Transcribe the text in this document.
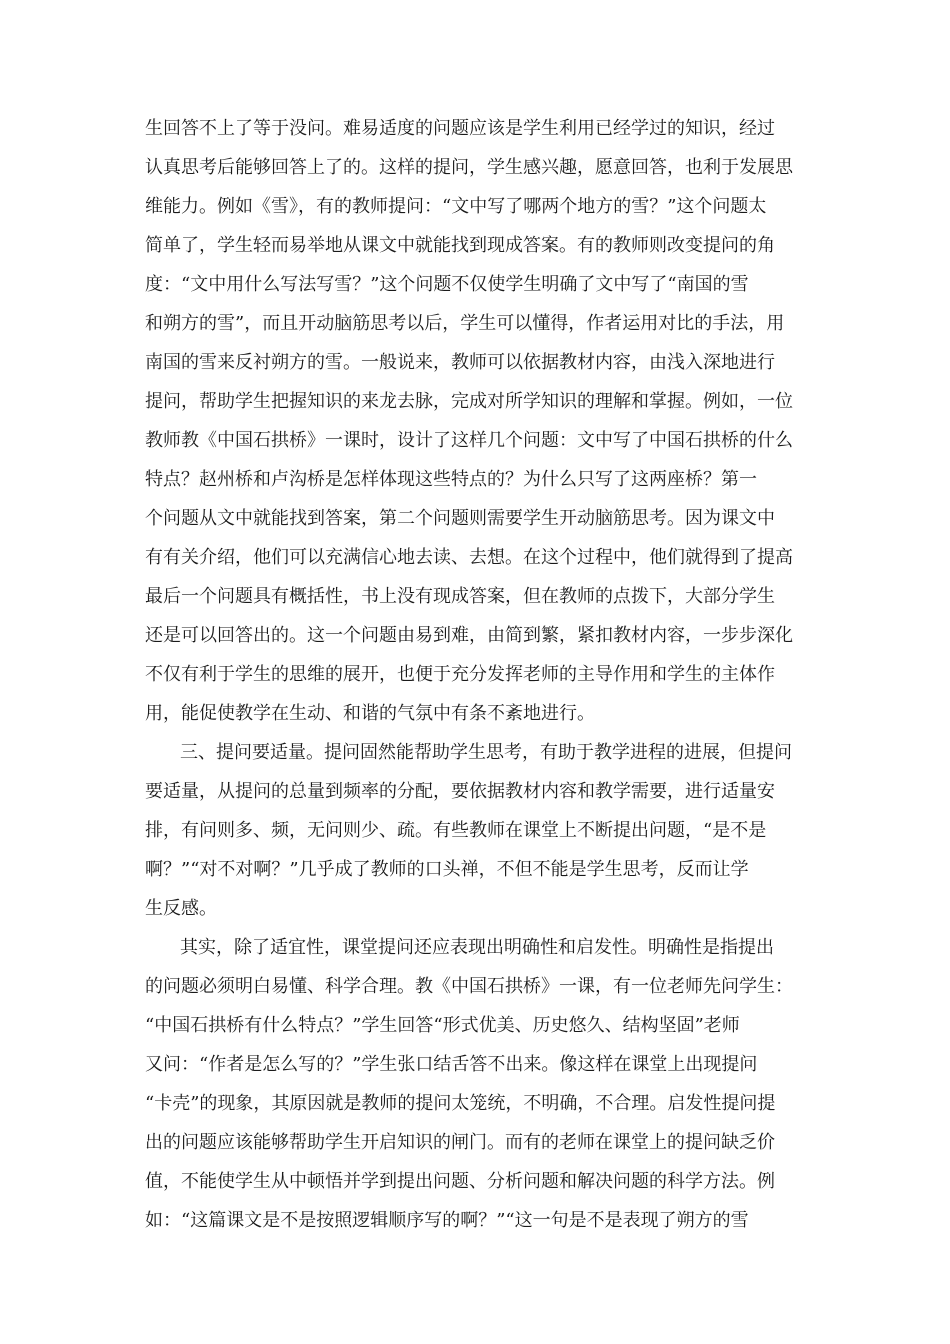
生回答不上了等于没问。难易适度的问题应该是学生利用已经学过的知识，经过
认真思考后能够回答上了的。这样的提问，学生感兴趣，愿意回答，也利于发展思
维能力。例如《雪》，有的教师提问：“文中写了哪两个地方的雪？”这个问题太
简单了，学生轻而易举地从课文中就能找到现成答案。有的教师则改变提问的角
度：“文中用什么写法写雪？”这个问题不仅使学生明确了文中写了“南国的雪
和朔方的雪”，而且开动脑筋思考以后，学生可以懂得，作者运用对比的手法，用
南国的雪来反衬朔方的雪。一般说来，教师可以依据教材内容，由浅入深地进行
提问，帮助学生把握知识的来龙去脉，完成对所学知识的理解和掌握。例如，一位
教师教《中国石拱桥》一课时，设计了这样几个问题：文中写了中国石拱桥的什么
特点？赵州桥和卢沟桥是怎样体现这些特点的？为什么只写了这两座桥？第一
个问题从文中就能找到答案，第二个问题则需要学生开动脑筋思考。因为课文中
有有关介绍，他们可以充满信心地去读、去想。在这个过程中，他们就得到了提高
最后一个问题具有概括性，书上没有现成答案，但在教师的点拨下，大部分学生
还是可以回答出的。这一个问题由易到难，由简到繁，紧扣教材内容，一步步深化
不仅有利于学生的思维的展开，也便于充分发挥老师的主导作用和学生的主体作
用，能促使教学在生动、和谐的气氛中有条不紊地进行。
三、提问要适量。提问固然能帮助学生思考，有助于教学进程的进展，但提问
要适量，从提问的总量到频率的分配，要依据教材内容和教学需要，进行适量安
排，有问则多、频，无问则少、疏。有些教师在课堂上不断提出问题，“是不是
啊？”“对不对啊？”几乎成了教师的口头禅，不但不能是学生思考，反而让学
生反感。
其实，除了适宜性，课堂提问还应表现出明确性和启发性。明确性是指提出
的问题必须明白易懂、科学合理。教《中国石拱桥》一课，有一位老师先问学生：
“中国石拱桥有什么特点？”学生回答“形式优美、历史悠久、结构坚固”老师
又问：“作者是怎么写的？”学生张口结舌答不出来。像这样在课堂上出现提问
“卡壳”的现象，其原因就是教师的提问太笼统，不明确，不合理。启发性提问提
出的问题应该能够帮助学生开启知识的闸门。而有的老师在课堂上的提问缺乏价
值，不能使学生从中顿悟并学到提出问题、分析问题和解决问题的科学方法。例
如：“这篇课文是不是按照逻辑顺序写的啊？”“这一句是不是表现了朔方的雪
